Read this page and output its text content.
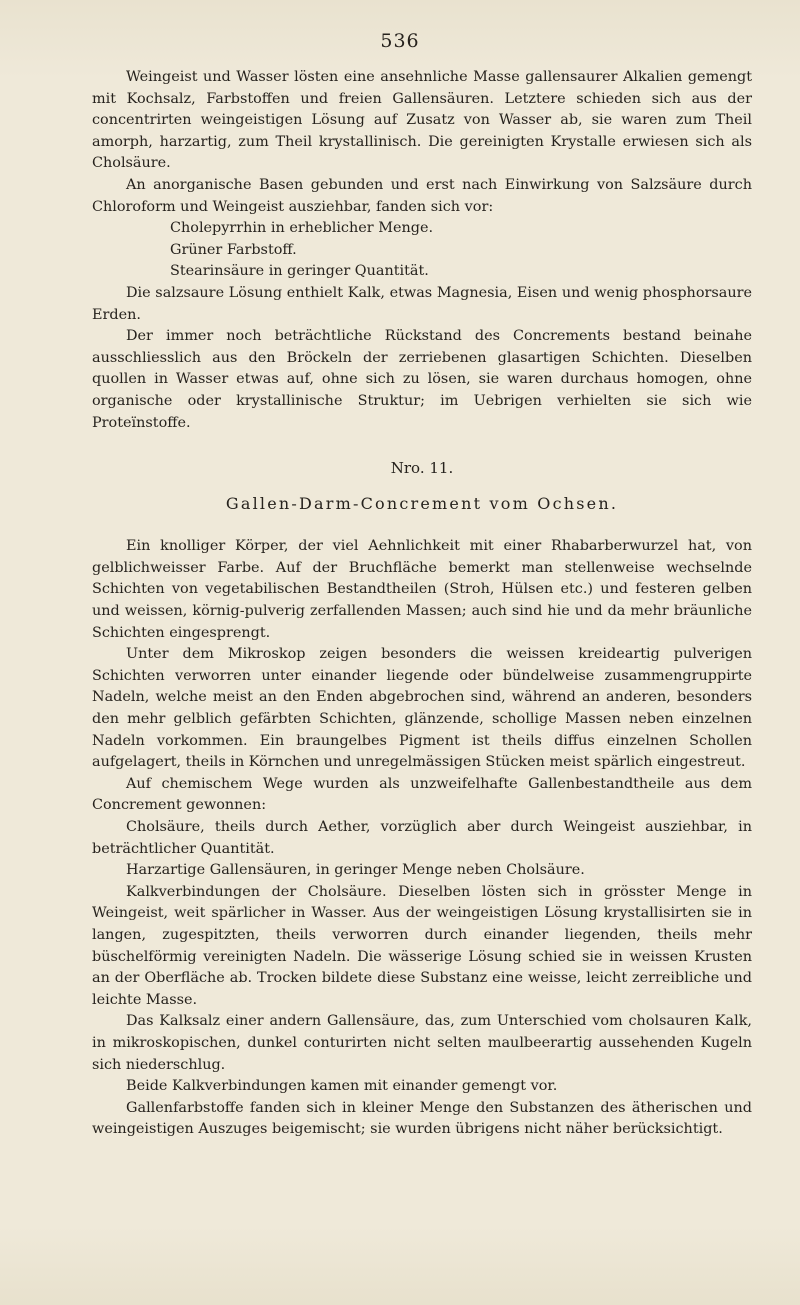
536

Weingeist und Wasser lösten eine ansehnliche Masse gallensaurer Alkalien gemengt mit Kochsalz, Farbstoffen und freien Gallensäuren. Letztere schieden sich aus der concentrirten weingeistigen Lösung auf Zusatz von Wasser ab, sie waren zum Theil amorph, harzartig, zum Theil krystallinisch. Die gereinigten Krystalle erwiesen sich als Cholsäure.

An anorganische Basen gebunden und erst nach Einwirkung von Salzsäure durch Chloroform und Weingeist ausziehbar, fanden sich vor:

Cholepyrrhin in erheblicher Menge.

Grüner Farbstoff.

Stearinsäure in geringer Quantität.

Die salzsaure Lösung enthielt Kalk, etwas Magnesia, Eisen und wenig phosphorsaure Erden.

Der immer noch beträchtliche Rückstand des Concrements bestand beinahe ausschliesslich aus den Bröckeln der zerriebenen glasartigen Schichten. Dieselben quollen in Wasser etwas auf, ohne sich zu lösen, sie waren durchaus homogen, ohne organische oder krystallinische Struktur; im Uebrigen verhielten sie sich wie Proteïnstoffe.

Nro. 11.

Gallen-Darm-Concrement vom Ochsen.

Ein knolliger Körper, der viel Aehnlichkeit mit einer Rhabarberwurzel hat, von gelblichweisser Farbe. Auf der Bruchfläche bemerkt man stellenweise wechselnde Schichten von vegetabilischen Bestandtheilen (Stroh, Hülsen etc.) und festeren gelben und weissen, körnig-pulverig zerfallenden Massen; auch sind hie und da mehr bräunliche Schichten eingesprengt.

Unter dem Mikroskop zeigen besonders die weissen kreideartig pulverigen Schichten verworren unter einander liegende oder bündelweise zusammengruppirte Nadeln, welche meist an den Enden abgebrochen sind, während an anderen, besonders den mehr gelblich gefärbten Schichten, glänzende, schollige Massen neben einzelnen Nadeln vorkommen. Ein braungelbes Pigment ist theils diffus einzelnen Schollen aufgelagert, theils in Körnchen und unregelmässigen Stücken meist spärlich eingestreut.

Auf chemischem Wege wurden als unzweifelhafte Gallenbestandtheile aus dem Concrement gewonnen:

Cholsäure, theils durch Aether, vorzüglich aber durch Weingeist ausziehbar, in beträchtlicher Quantität.

Harzartige Gallensäuren, in geringer Menge neben Cholsäure.

Kalkverbindungen der Cholsäure. Dieselben lösten sich in grösster Menge in Weingeist, weit spärlicher in Wasser. Aus der weingeistigen Lösung krystallisirten sie in langen, zugespitzten, theils verworren durch einander liegenden, theils mehr büschelförmig vereinigten Nadeln. Die wässerige Lösung schied sie in weissen Krusten an der Oberfläche ab. Trocken bildete diese Substanz eine weisse, leicht zerreibliche und leichte Masse.

Das Kalksalz einer andern Gallensäure, das, zum Unterschied vom cholsauren Kalk, in mikroskopischen, dunkel conturirten nicht selten maulbeerartig aussehenden Kugeln sich niederschlug.

Beide Kalkverbindungen kamen mit einander gemengt vor.

Gallenfarbstoffe fanden sich in kleiner Menge den Substanzen des ätherischen und weingeistigen Auszuges beigemischt; sie wurden übrigens nicht näher berücksichtigt.
